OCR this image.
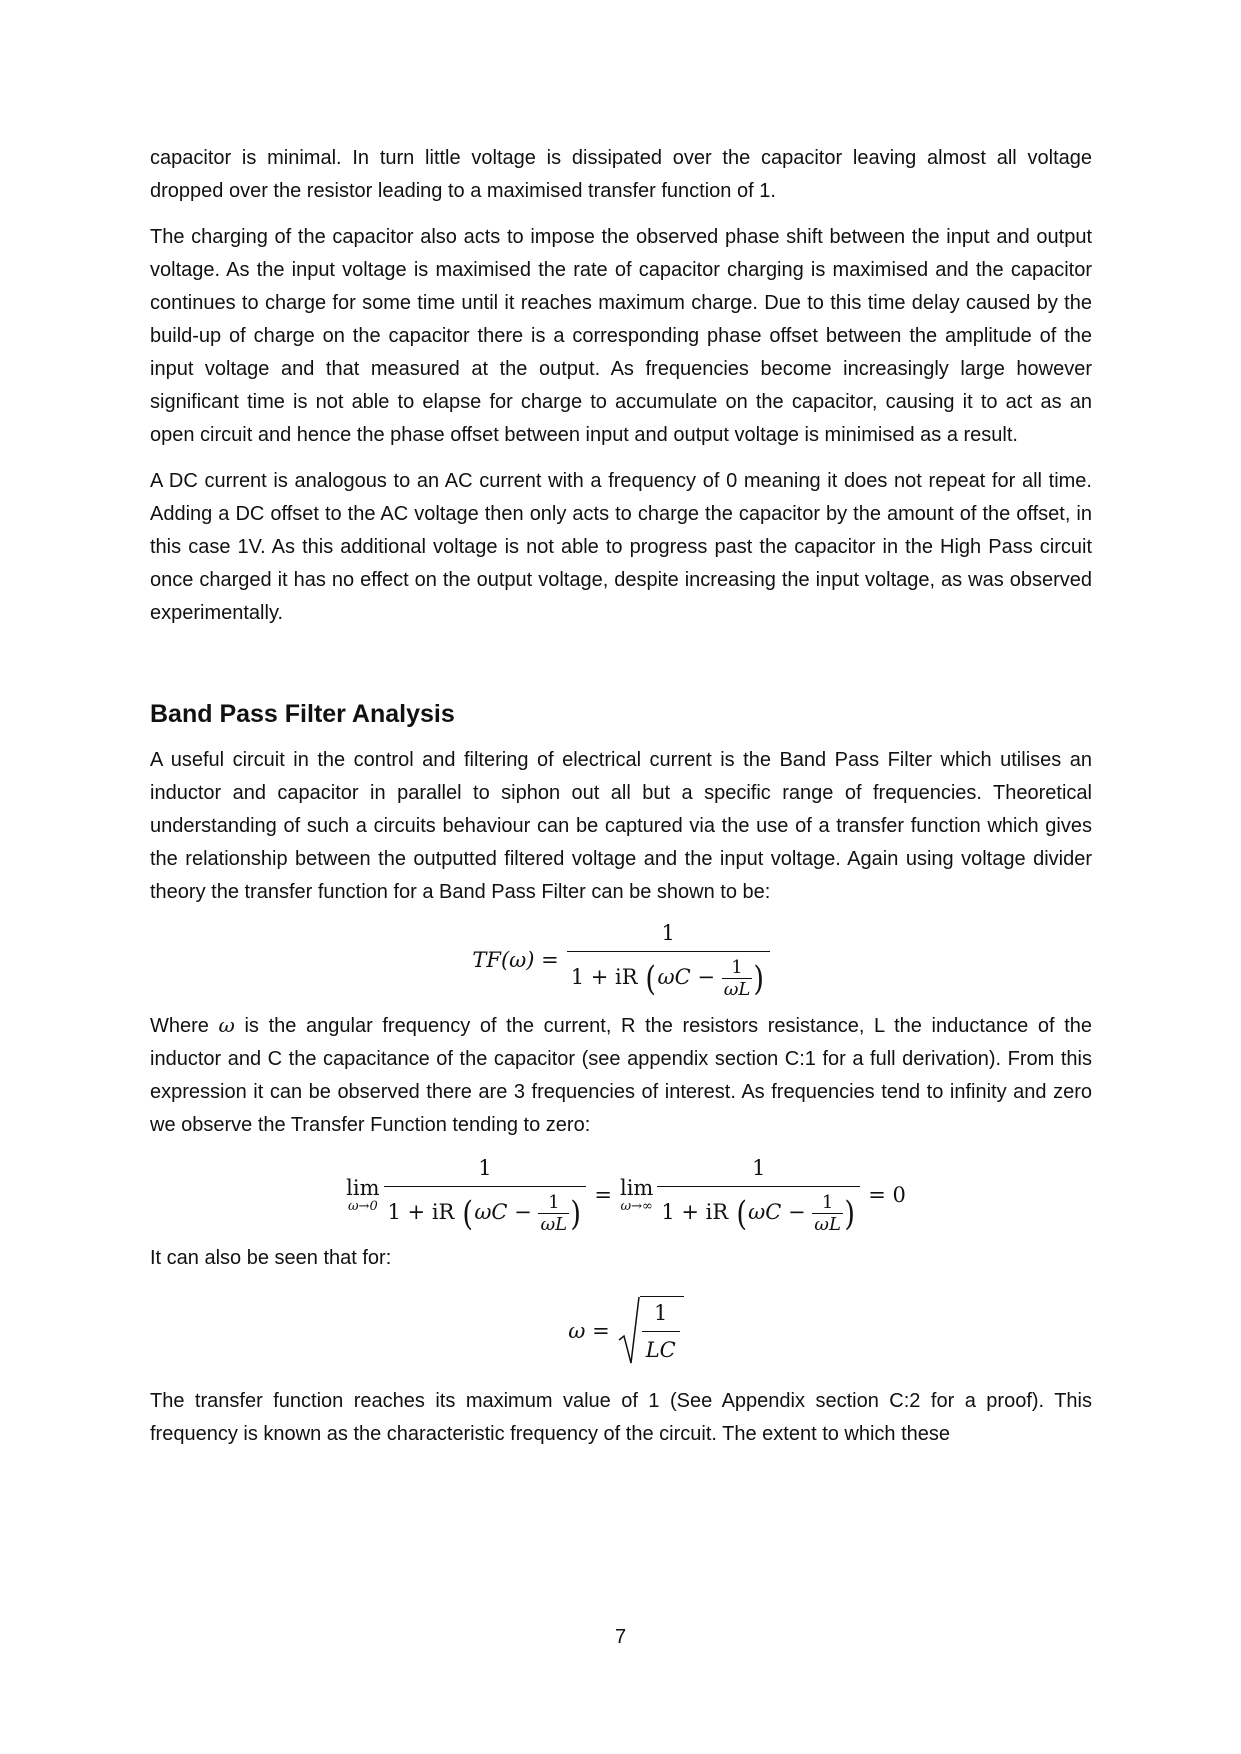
capacitor is minimal. In turn little voltage is dissipated over the capacitor leaving almost all voltage dropped over the resistor leading to a maximised transfer function of 1.

The charging of the capacitor also acts to impose the observed phase shift between the input and output voltage. As the input voltage is maximised the rate of capacitor charging is maximised and the capacitor continues to charge for some time until it reaches maximum charge. Due to this time delay caused by the build-up of charge on the capacitor there is a corresponding phase offset between the amplitude of the input voltage and that measured at the output. As frequencies become increasingly large however significant time is not able to elapse for charge to accumulate on the capacitor, causing it to act as an open circuit and hence the phase offset between input and output voltage is minimised as a result.

A DC current is analogous to an AC current with a frequency of 0 meaning it does not repeat for all time. Adding a DC offset to the AC voltage then only acts to charge the capacitor by the amount of the offset, in this case 1V. As this additional voltage is not able to progress past the capacitor in the High Pass circuit once charged it has no effect on the output voltage, despite increasing the input voltage, as was observed experimentally.

Band Pass Filter Analysis

A useful circuit in the control and filtering of electrical current is the Band Pass Filter which utilises an inductor and capacitor in parallel to siphon out all but a specific range of frequencies. Theoretical understanding of such a circuits behaviour can be captured via the use of a transfer function which gives the relationship between the outputted filtered voltage and the input voltage. Again using voltage divider theory the transfer function for a Band Pass Filter can be shown to be:

TF(ω) =
1
1 + iR ($\omega C - \frac{1}{\omega L}$ )

Where ω is the angular frequency of the current, R the resistors resistance, L the inductance of the inductor and C the capacitance of the capacitor (see appendix section C:1 for a full derivation). From this expression it can be observed there are 3 frequencies of interest. As frequencies tend to infinity and zero we observe the Transfer Function tending to zero:

lim
ω→0
1
1 + iR ($\omega C - \frac{1}{\omega L}$ ) = lim
ω→∞
1
1 + iR ($\omega C - \frac{1}{\omega L}$ ) = 0

It can also be seen that for:

$\omega = \frac{1}{LC}$

The transfer function reaches its maximum value of 1 (See Appendix section C:2 for a proof). This frequency is known as the characteristic frequency of the circuit. The extent to which these

7
